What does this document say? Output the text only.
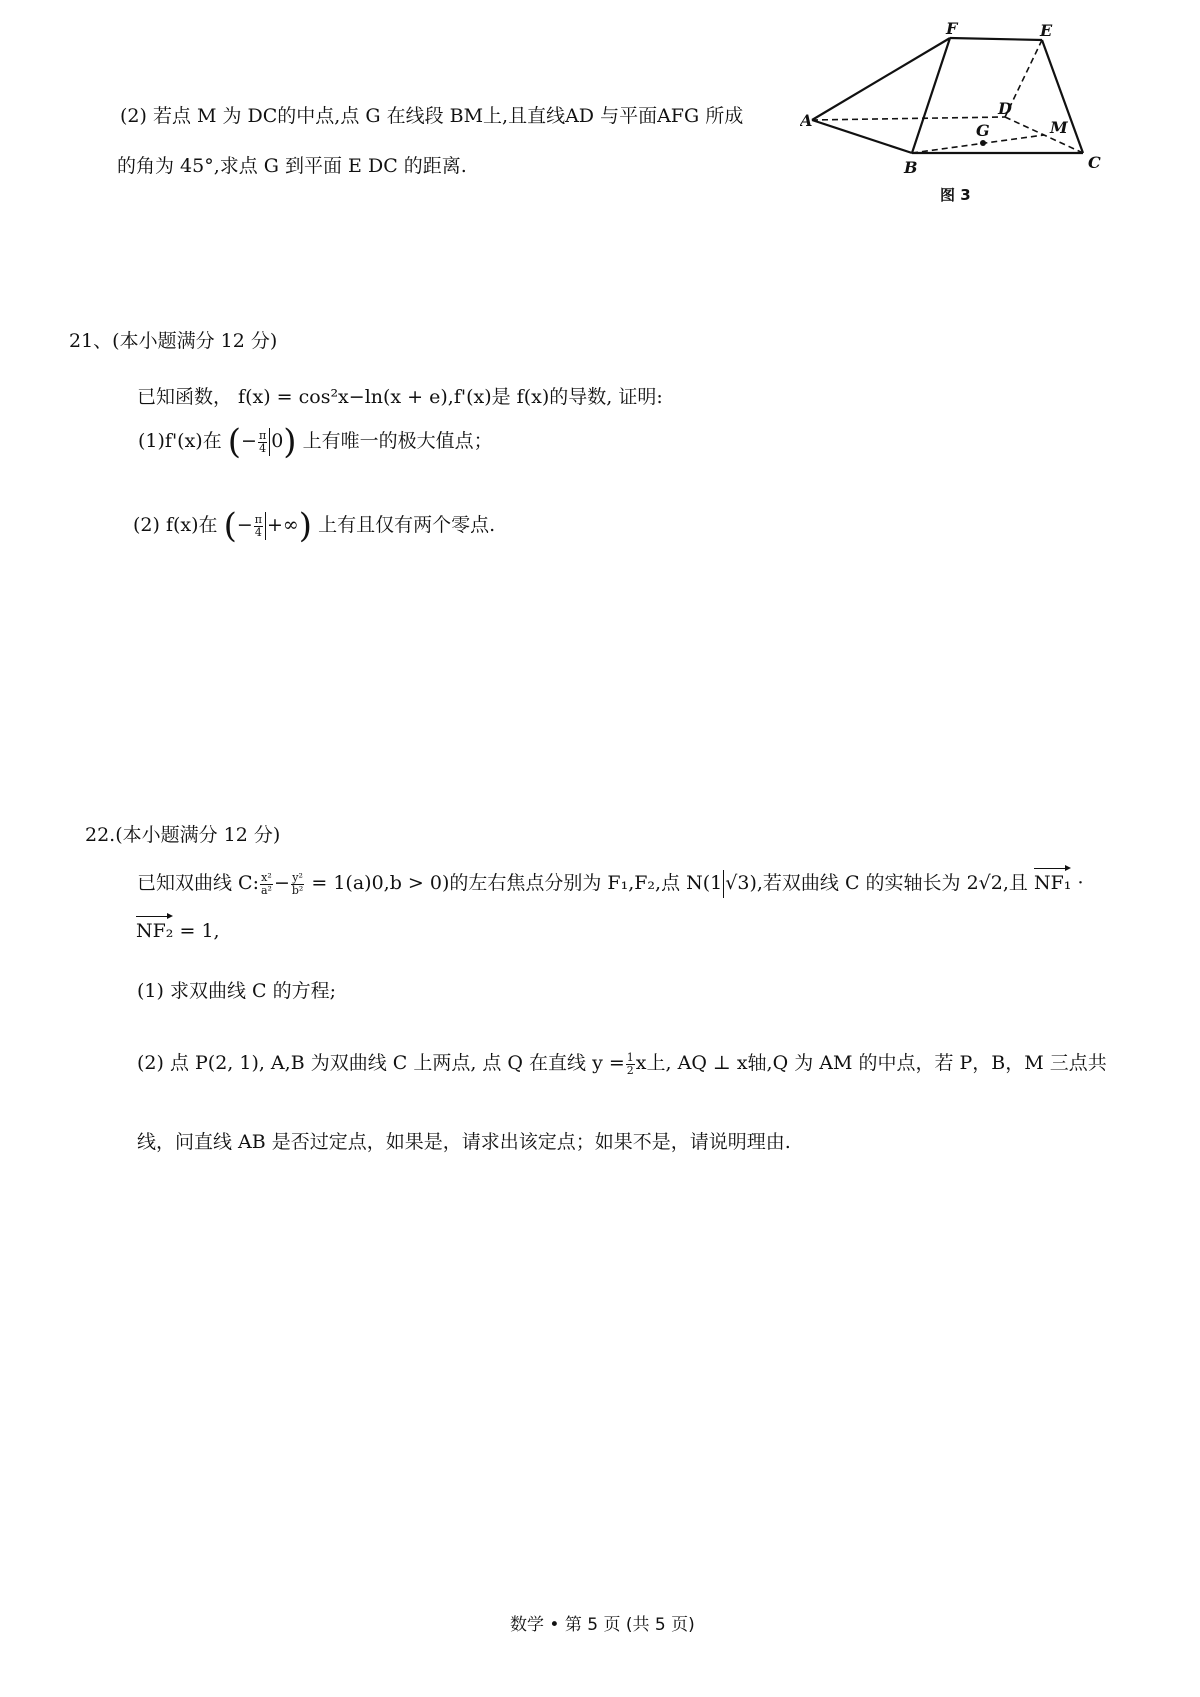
A
B	C
D
E
F
G	M
图 3
(2) 若点 M 为 DC的中点,点 G 在线段 BM上,且直线AD 与平面AFG 所成
的角为 45°,求点 G 到平面 E DC 的距离.
21、(本小题满分 12 分)
已知函数， f(x) = cos²x−ln(x + e),f'(x)是 f(x)的导数, 证明:
(1)f'(x)在 (− $\frac{\pi}{4} 0$) 上有唯一的极大值点；
(2) f(x)在 (− $\frac{\pi}{4}$ +∞) 上有且仅有两个零点.
22.(本小题满分 12 分)
已知双曲线 C: $\frac{\text{x²}}{\text{a²}} - \frac{\text{y²}}{\text{b²}} = 1(a)0,b > 0$)的左右焦点分别为 F₁,F₂,点 N(1 √3),若双曲线 C 的实轴长为 2√2,且 NF₁ ·
NF₂ = 1,
(1) 求双曲线 C 的方程;
(2) 点 P(2, 1), A,B 为双曲线 C 上两点, 点 Q 在直线 $y = \frac{1}{2}$ x上, AQ ⊥ x轴,Q 为 AM 的中点，若 P，B，M 三点共
线，问直线 AB 是否过定点，如果是，请求出该定点；如果不是，请说明理由.
数学 • 第 5 页 (共 5 页)
